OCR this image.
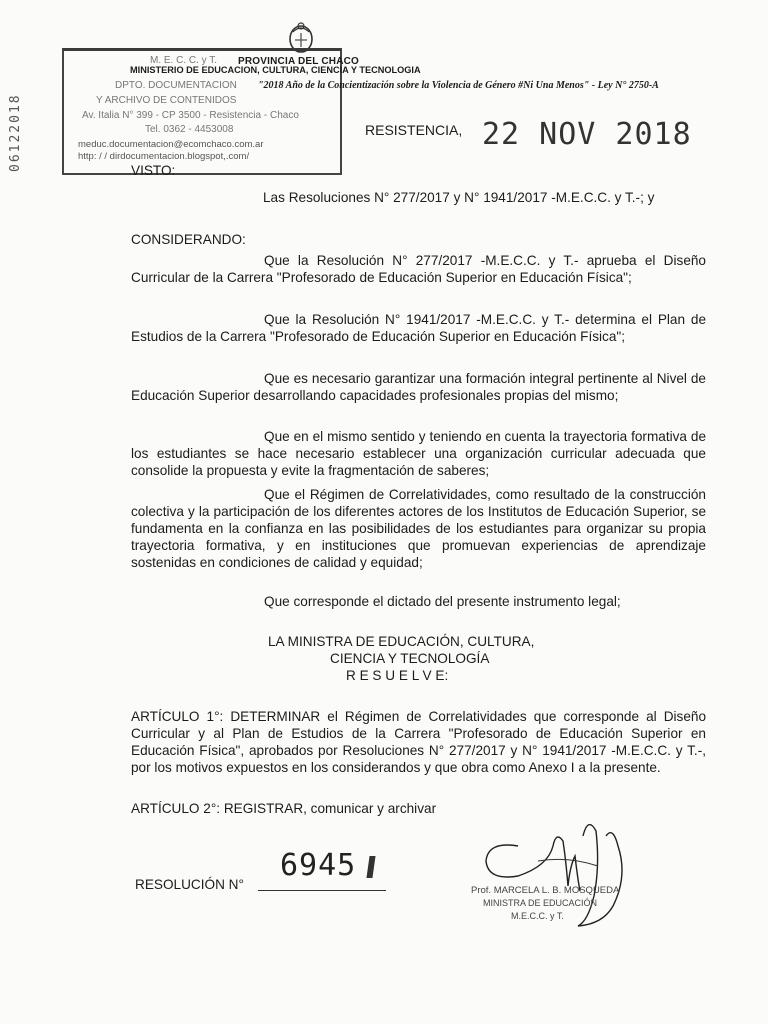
06122018
M. E. C. C. y T.
DPTO. DOCUMENTACION
Y ARCHIVO DE CONTENIDOS
Av. Italia N° 399 - CP 3500 - Resistencia - Chaco
Tel. 0362 - 4453008
meduc.documentacion@ecomchaco.com.ar
http: / / dirdocumentacion.blogspot,.com/
PROVINCIA DEL CHACO
MINISTERIO DE EDUCACION, CULTURA, CIENCIA Y TECNOLOGIA
"2018 Año de la Concientización sobre la Violencia de Género #Ni Una Menos" - Ley N° 2750-A
RESISTENCIA, 22 NOV 2018
VISTO:
Las Resoluciones N° 277/2017 y N° 1941/2017 -M.E.C.C. y T.-; y
CONSIDERANDO:
Que la Resolución N° 277/2017 -M.E.C.C. y T.- aprueba el Diseño Curricular de la Carrera "Profesorado de Educación Superior en Educación Física";
Que la Resolución N° 1941/2017 -M.E.C.C. y T.- determina el Plan de Estudios de la Carrera "Profesorado de Educación Superior en Educación Física";
Que es necesario garantizar una formación integral pertinente al Nivel de Educación Superior desarrollando capacidades profesionales propias del mismo;
Que en el mismo sentido y teniendo en cuenta la trayectoria formativa de los estudiantes se hace necesario establecer una organización curricular adecuada que consolide la propuesta y evite la fragmentación de saberes;
Que el Régimen de Correlatividades, como resultado de la construcción colectiva y la participación de los diferentes actores de los Institutos de Educación Superior, se fundamenta en la confianza en las posibilidades de los estudiantes para organizar su propia trayectoria formativa, y en instituciones que promuevan experiencias de aprendizaje sostenidas en condiciones de calidad y equidad;
Que corresponde el dictado del presente instrumento legal;
LA MINISTRA DE EDUCACIÓN, CULTURA,
CIENCIA Y TECNOLOGÍA
R E S U E L V E:
ARTÍCULO 1°: DETERMINAR el Régimen de Correlatividades que corresponde al Diseño Curricular y al Plan de Estudios de la Carrera "Profesorado de Educación Superior en Educación Física", aprobados por Resoluciones N° 277/2017 y N° 1941/2017 -M.E.C.C. y T.-, por los motivos expuestos en los considerandos y que obra como Anexo I a la presente.
ARTÍCULO 2°: REGISTRAR, comunicar y archivar
RESOLUCIÓN N°
6945
Prof. MARCELA L. B. MOSQUEDA
MINISTRA DE EDUCACIÓN
M.E.C.C. y T.
